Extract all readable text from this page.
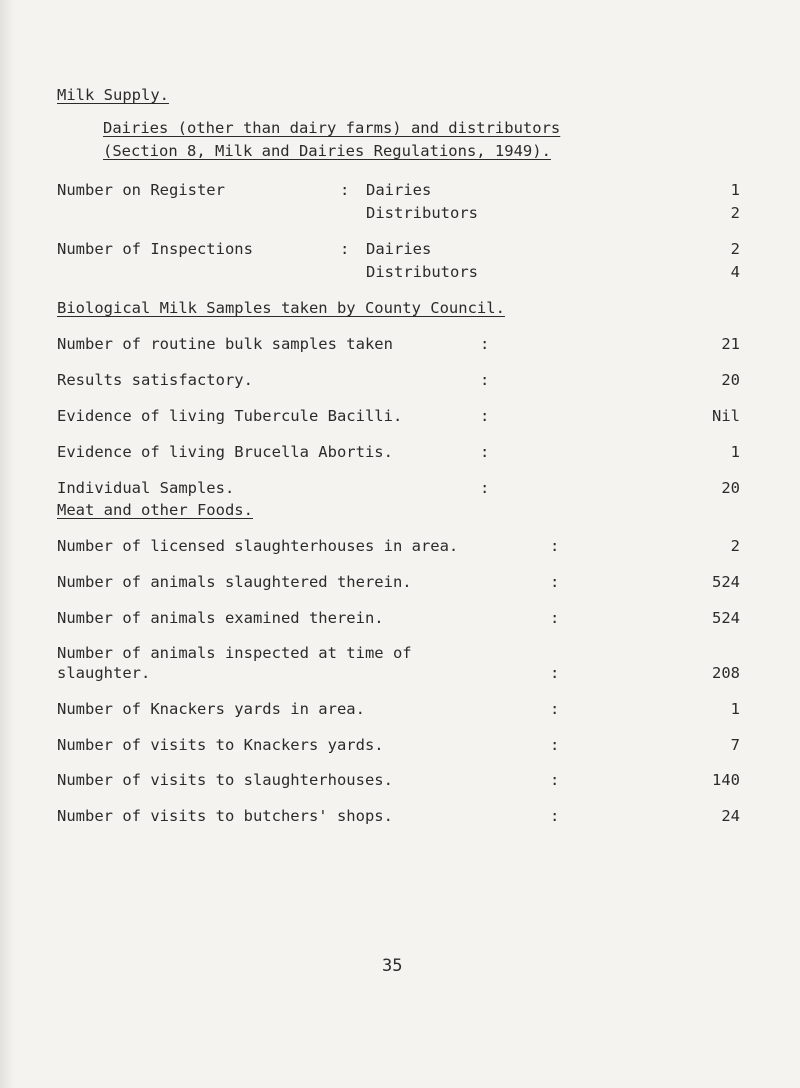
Milk Supply.
Dairies (other than dairy farms) and distributors
(Section 8, Milk and Dairies Regulations, 1949).
Number on Register	: Dairies	1
Distributors	2
Number of Inspections	: Dairies	2
Distributors	4
Biological Milk Samples taken by County Council.
Number of routine bulk samples taken	:	21
Results satisfactory.	:	20
Evidence of living Tubercule Bacilli.	:	Nil
Evidence of living Brucella Abortis.	:	1
Individual Samples.	:	20
Meat and other Foods.
Number of licensed slaughterhouses in area.	:	2
Number of animals slaughtered therein.	:	524
Number of animals examined therein.	:	524
Number of animals inspected at time of
slaughter.	:	208
Number of Knackers yards in area.	:	1
Number of visits to Knackers yards.	:	7
Number of visits to slaughterhouses.	:	140
Number of visits to butchers' shops.	:	24
35
